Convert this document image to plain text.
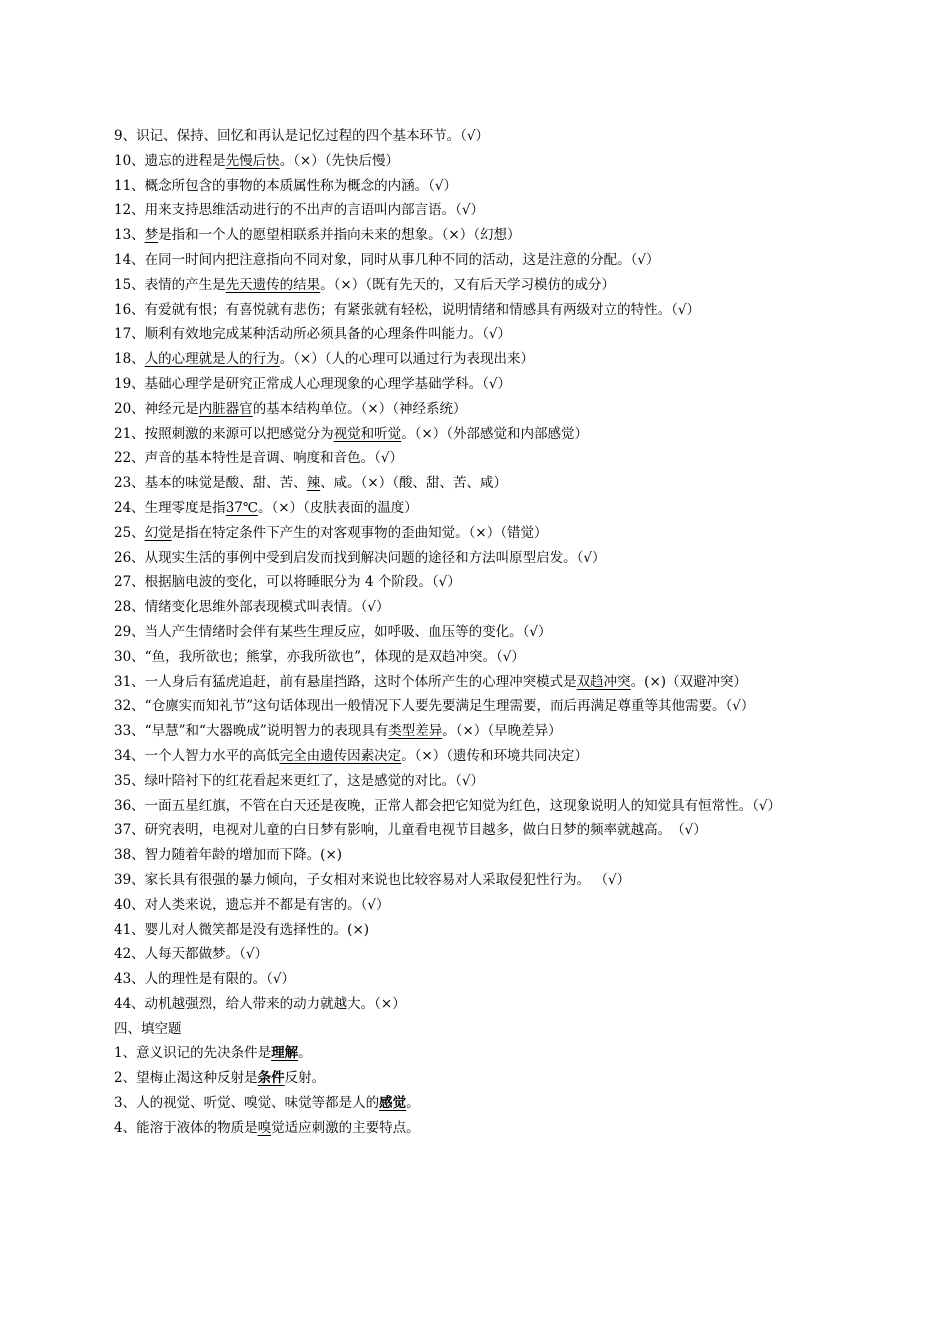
9、识记、保持、回忆和再认是记忆过程的四个基本环节。（√）
10、遗忘的进程是先慢后快。（×）（先快后慢）
11、概念所包含的事物的本质属性称为概念的内涵。（√）
12、用来支持思维活动进行的不出声的言语叫内部言语。（√）
13、梦是指和一个人的愿望相联系并指向未来的想象。（×）（幻想）
14、在同一时间内把注意指向不同对象，同时从事几种不同的活动，这是注意的分配。（√）
15、表情的产生是先天遗传的结果。（×）（既有先天的，又有后天学习模仿的成分）
16、有爱就有恨；有喜悦就有悲伤；有紧张就有轻松，说明情绪和情感具有两级对立的特性。（√）
17、顺利有效地完成某种活动所必须具备的心理条件叫能力。（√）
18、人的心理就是人的行为。（×）（人的心理可以通过行为表现出来）
19、基础心理学是研究正常成人心理现象的心理学基础学科。（√）
20、神经元是内脏器官的基本结构单位。（×）（神经系统）
21、按照刺激的来源可以把感觉分为视觉和听觉。（×）（外部感觉和内部感觉）
22、声音的基本特性是音调、响度和音色。（√）
23、基本的味觉是酸、甜、苦、辣、咸。（×）（酸、甜、苦、咸）
24、生理零度是指37℃。（×）（皮肤表面的温度）
25、幻觉是指在特定条件下产生的对客观事物的歪曲知觉。（×）（错觉）
26、从现实生活的事例中受到启发而找到解决问题的途径和方法叫原型启发。（√）
27、根据脑电波的变化，可以将睡眠分为 4 个阶段。（√）
28、情绪变化思维外部表现模式叫表情。（√）
29、当人产生情绪时会伴有某些生理反应，如呼吸、血压等的变化。（√）
30、“鱼，我所欲也；熊掌，亦我所欲也”，体现的是双趋冲突。（√）
31、一人身后有猛虎追赶，前有悬崖挡路，这时个体所产生的心理冲突模式是双趋冲突。(×)（双避冲突）
32、“仓廪实而知礼节”这句话体现出一般情况下人要先要满足生理需要，而后再满足尊重等其他需要。（√）
33、“早慧”和“大器晚成”说明智力的表现具有类型差异。（×）（早晚差异）
34、一个人智力水平的高低完全由遗传因素决定。（×）（遗传和环境共同决定）
35、绿叶陪衬下的红花看起来更红了，这是感觉的对比。（√）
36、一面五星红旗，不管在白天还是夜晚，正常人都会把它知觉为红色，这现象说明人的知觉具有恒常性。（√）
37、研究表明，电视对儿童的白日梦有影响，儿童看电视节目越多，做白日梦的频率就越高。　（√）
38、智力随着年龄的增加而下降。(×)
39、家长具有很强的暴力倾向，子女相对来说也比较容易对人采取侵犯性行为。 （√）
40、对人类来说，遗忘并不都是有害的。（√）
41、婴儿对人微笑都是没有选择性的。(×)
42、人每天都做梦。（√）
43、人的理性是有限的。（√）
44、动机越强烈，给人带来的动力就越大。（×）
四、填空题
1、意义识记的先决条件是理解。
2、望梅止渴这种反射是条件反射。
3、人的视觉、听觉、嗅觉、味觉等都是人的感觉。
4、能溶于液体的物质是嗅觉适应刺激的主要特点。
